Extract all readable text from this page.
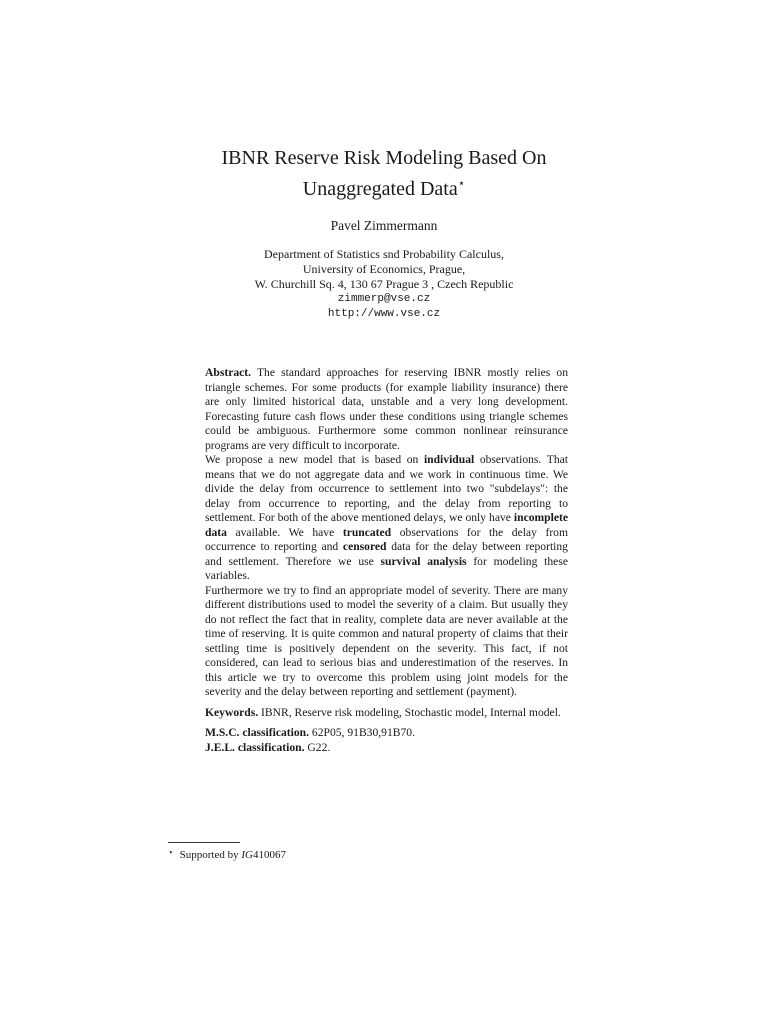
IBNR Reserve Risk Modeling Based On
Unaggregated Data⋆
Pavel Zimmermann
Department of Statistics snd Probability Calculus,
University of Economics, Prague,
W. Churchill Sq. 4, 130 67 Prague 3 , Czech Republic
zimmerp@vse.cz
http://www.vse.cz

Abstract. The standard approaches for reserving IBNR mostly relies on triangle schemes. For some products (for example liability insurance) there are only limited historical data, unstable and a very long development. Forecasting future cash flows under these conditions using triangle schemes could be ambiguous. Furthermore some common nonlinear reinsurance programs are very difficult to incorporate.

We propose a new model that is based on individual observations. That means that we do not aggregate data and we work in continuous time. We divide the delay from occurrence to settlement into two "subdelays": the delay from occurrence to reporting, and the delay from reporting to settlement. For both of the above mentioned delays, we only have incomplete data available. We have truncated observations for the delay from occurrence to reporting and censored data for the delay between reporting and settlement. Therefore we use survival analysis for modeling these variables.

Furthermore we try to find an appropriate model of severity. There are many different distributions used to model the severity of a claim. But usually they do not reflect the fact that in reality, complete data are never available at the time of reserving. It is quite common and natural property of claims that their settling time is positively dependent on the severity. This fact, if not considered, can lead to serious bias and underestimation of the reserves. In this article we try to overcome this problem using joint models for the severity and the delay between reporting and settlement (payment).

Keywords. IBNR, Reserve risk modeling, Stochastic model, Internal model.

M.S.C. classification. 62P05, 91B30,91B70.

J.E.L. classification. G22.

⋆ Supported by IG410067
